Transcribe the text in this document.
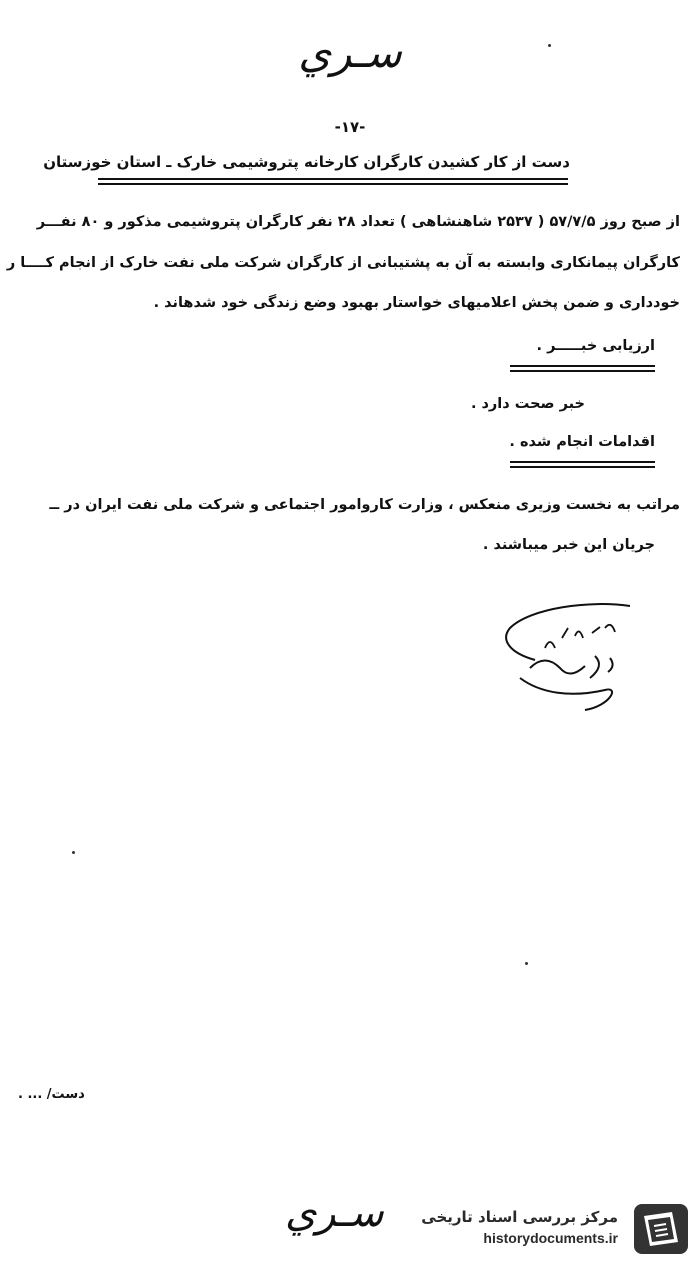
سـري
-۱۷-
دست از کار کشیدن کارگران کارخانه پتروشیمی خارک ـ استان خوزستان
از صبح روز ۵۷/۷/۵ ( ۲۵۳۷ شاهنشاهی ) تعداد ۲۸ نفر کارگران پتروشیمی مذکور و ۸۰ نفـــر
کارگران پیمانکاری وابسته به آن به پشتیبانی از کارگران شرکت ملی نفت خارک از انجام کــــا ر
خودداری و ضمن پخش اعلامیهای خواستار بهبود وضع زندگی خود شدهاند .
ارزیابی خبـــــر .
خبر صحت دارد .
اقدامات انجام شده .
مراتب به نخست وزیری منعکس ، وزارت کاروامور اجتماعی و شرکت ملی نفت ایران در ــ
جریان این خبر میباشند .
دست/ ... .
سـري	مرکز بررسی اسناد تاریخی
historydocuments.ir
